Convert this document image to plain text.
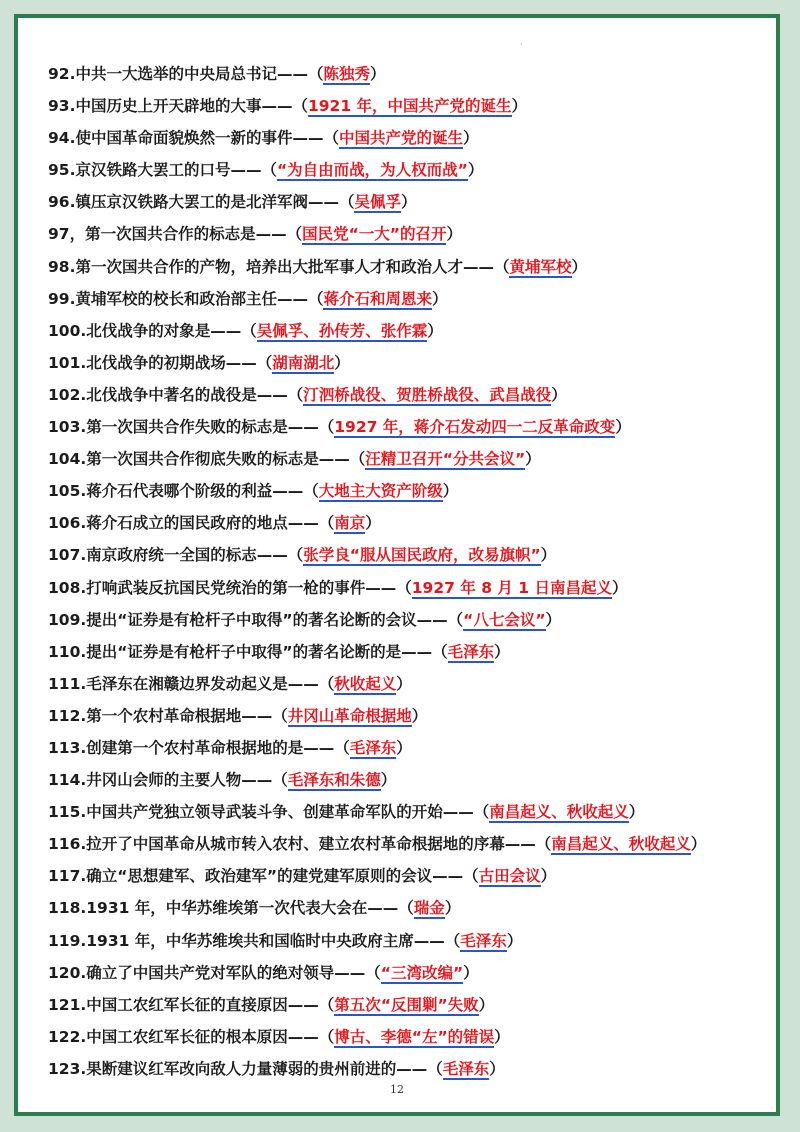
·
92.中共一大选举的中央局总书记——（陈独秀）
93.中国历史上开天辟地的大事——（1921 年，中国共产党的诞生）
94.使中国革命面貌焕然一新的事件——（中国共产党的诞生）
95.京汉铁路大罢工的口号——（“为自由而战，为人权而战”）
96.镇压京汉铁路大罢工的是北洋军阀——（吴佩孚）
97，第一次国共合作的标志是——（国民党“一大”的召开）
98.第一次国共合作的产物，培养出大批军事人才和政治人才——（黄埔军校）
99.黄埔军校的校长和政治部主任——（蒋介石和周恩来）
100.北伐战争的对象是——（吴佩孚、孙传芳、张作霖）
101.北伐战争的初期战场——（湖南湖北）
102.北伐战争中著名的战役是——（汀泗桥战役、贺胜桥战役、武昌战役）
103.第一次国共合作失败的标志是——（1927 年，蒋介石发动四一二反革命政变）
104.第一次国共合作彻底失败的标志是——（汪精卫召开“分共会议”）
105.蒋介石代表哪个阶级的利益——（大地主大资产阶级）
106.蒋介石成立的国民政府的地点——（南京）
107.南京政府统一全国的标志——（张学良“服从国民政府，改易旗帜”）
108.打响武装反抗国民党统治的第一枪的事件——（1927 年 8 月 1 日南昌起义）
109.提出“证券是有枪杆子中取得”的著名论断的会议——（“八七会议”）
110.提出“证券是有枪杆子中取得”的著名论断的是——（毛泽东）
111.毛泽东在湘赣边界发动起义是——（秋收起义）
112.第一个农村革命根据地——（井冈山革命根据地）
113.创建第一个农村革命根据地的是——（毛泽东）
114.井冈山会师的主要人物——（毛泽东和朱德）
115.中国共产党独立领导武装斗争、创建革命军队的开始——（南昌起义、秋收起义）
116.拉开了中国革命从城市转入农村、建立农村革命根据地的序幕——（南昌起义、秋收起义）
117.确立“思想建军、政治建军”的建党建军原则的会议——（古田会议）
118.1931 年，中华苏维埃第一次代表大会在——（瑞金）
119.1931 年，中华苏维埃共和国临时中央政府主席——（毛泽东）
120.确立了中国共产党对军队的绝对领导——（“三湾改编”）
121.中国工农红军长征的直接原因——（第五次“反围剿”失败）
122.中国工农红军长征的根本原因——（博古、李德“左”的错误）
123.果断建议红军改向敌人力量薄弱的贵州前进的——（毛泽东）
12
